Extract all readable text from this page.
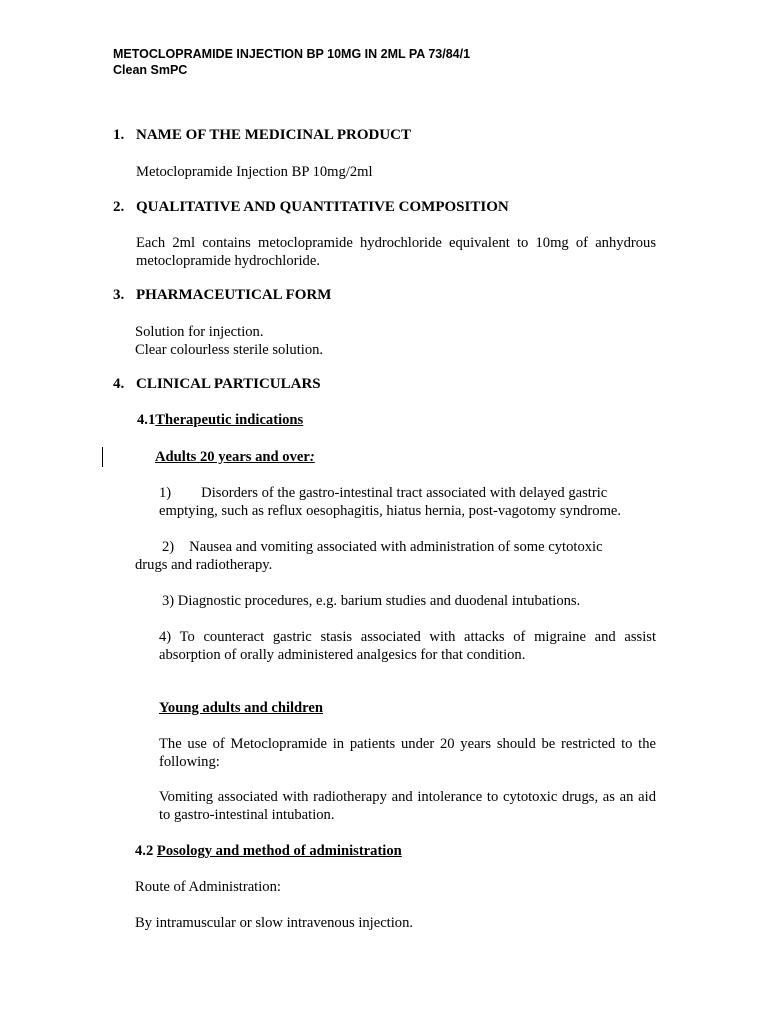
METOCLOPRAMIDE INJECTION BP 10MG IN 2ML PA 73/84/1
Clean SmPC
1. NAME OF THE MEDICINAL PRODUCT
Metoclopramide Injection BP 10mg/2ml
2. QUALITATIVE AND QUANTITATIVE COMPOSITION
Each 2ml contains metoclopramide hydrochloride equivalent to 10mg of anhydrous metoclopramide hydrochloride.
3. PHARMACEUTICAL FORM
Solution for injection.
Clear colourless sterile solution.
4. CLINICAL PARTICULARS
4.1Therapeutic indications
Adults 20 years and over:
1) Disorders of the gastro-intestinal tract associated with delayed gastric
emptying, such as reflux oesophagitis, hiatus hernia, post-vagotomy syndrome.
2) Nausea and vomiting associated with administration of some cytotoxic
drugs and radiotherapy.
3) Diagnostic procedures, e.g. barium studies and duodenal intubations.
4) To counteract gastric stasis associated with attacks of migraine and assist absorption of orally administered analgesics for that condition.
Young adults and children
The use of Metoclopramide in patients under 20 years should be restricted to the following:
Vomiting associated with radiotherapy and intolerance to cytotoxic drugs, as an aid to gastro-intestinal intubation.
4.2 Posology and method of administration
Route of Administration:
By intramuscular or slow intravenous injection.
